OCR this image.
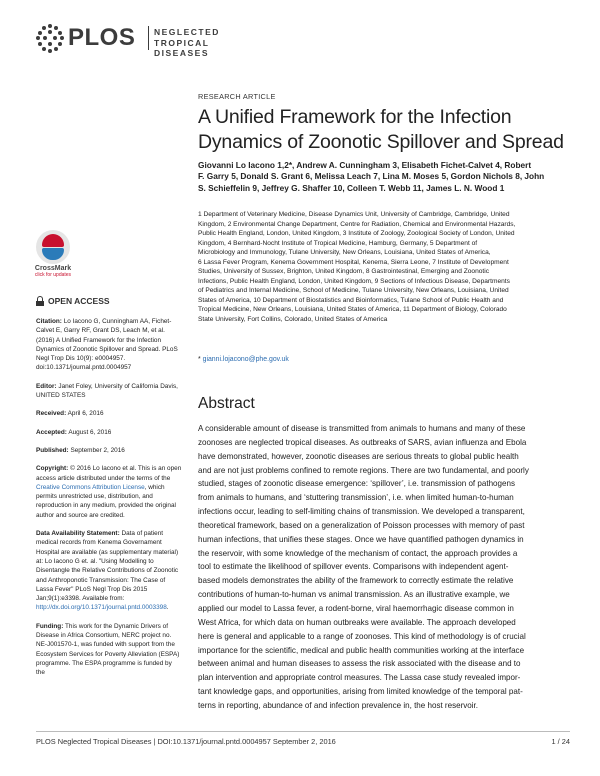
PLOS NEGLECTED
TROPICAL DISEASES
CrossMark
click for updates
OPEN ACCESS

Citation: Lo Iacono G, Cunningham AA, Fichet-Calvet E, Garry RF, Grant DS, Leach M, et al. (2016) A Unified Framework for the Infection Dynamics of Zoonotic Spillover and Spread. PLoS Negl Trop Dis 10(9): e0004957. doi:10.1371/journal.pntd.0004957

Editor: Janet Foley, University of California Davis, UNITED STATES

Received: April 6, 2016

Accepted: August 6, 2016

Published: September 2, 2016

Copyright: © 2016 Lo Iacono et al. This is an open access article distributed under the terms of the Creative Commons Attribution License, which permits unrestricted use, distribution, and reproduction in any medium, provided the original author and source are credited.

Data Availability Statement: Data of patient medical records from Kenema Governament Hospital are available (as supplementary material) at: Lo Iacono G et. al. "Using Modelling to Disentangle the Relative Contributions of Zoonotic and Anthroponotic Transmission: The Case of Lassa Fever" PLoS Negl Trop Dis 2015 Jan;9(1):e3398. Available from: http://dx.doi.org/10.1371/journal.pntd.0003398.

Funding: This work for the Dynamic Drivers of Disease in Africa Consortium, NERC project no. NE-J001570-1, was funded with support from the Ecosystem Services for Poverty Alleviation (ESPA) programme. The ESPA programme is funded by the

RESEARCH ARTICLE
A Unified Framework for the Infection
Dynamics of Zoonotic Spillover and Spread
Giovanni Lo Iacono 1,2*, Andrew A. Cunningham 3, Elisabeth Fichet-Calvet 4, Robert
F. Garry 5, Donald S. Grant 6, Melissa Leach 7, Lina M. Moses 5, Gordon Nichols 8, John
S. Schieffelin 9, Jeffrey G. Shaffer 10, Colleen T. Webb 11, James L. N. Wood 1
1 Department of Veterinary Medicine, Disease Dynamics Unit, University of Cambridge, Cambridge, United
Kingdom, 2 Environmental Change Department, Centre for Radiation, Chemical and Environmental Hazards,
Public Health England, London, United Kingdom, 3 Institute of Zoology, Zoological Society of London, United
Kingdom, 4 Bernhard-Nocht Institute of Tropical Medicine, Hamburg, Germany, 5 Department of
Microbiology and Immunology, Tulane University, New Orleans, Louisiana, United States of America,
6 Lassa Fever Program, Kenema Government Hospital, Kenema, Sierra Leone, 7 Institute of Development
Studies, University of Sussex, Brighton, United Kingdom, 8 Gastrointestinal, Emerging and Zoonotic
Infections, Public Health England, London, United Kingdom, 9 Sections of Infectious Disease, Departments
of Pediatrics and Internal Medicine, School of Medicine, Tulane University, New Orleans, Louisiana, United
States of America, 10 Department of Biostatistics and Bioinformatics, Tulane School of Public Health and
Tropical Medicine, New Orleans, Louisiana, United States of America, 11 Department of Biology, Colorado
State University, Fort Collins, Colorado, United States of America
* gianni.lojacono@phe.gov.uk
Abstract
A considerable amount of disease is transmitted from animals to humans and many of these
zoonoses are neglected tropical diseases. As outbreaks of SARS, avian influenza and Ebola
have demonstrated, however, zoonotic diseases are serious threats to global public health
and are not just problems confined to remote regions. There are two fundamental, and poorly
studied, stages of zoonotic disease emergence: ‘spillover’, i.e. transmission of pathogens
from animals to humans, and ‘stuttering transmission’, i.e. when limited human-to-human
infections occur, leading to self-limiting chains of transmission. We developed a transparent,
theoretical framework, based on a generalization of Poisson processes with memory of past
human infections, that unifies these stages. Once we have quantified pathogen dynamics in
the reservoir, with some knowledge of the mechanism of contact, the approach provides a
tool to estimate the likelihood of spillover events. Comparisons with independent agent-
based models demonstrates the ability of the framework to correctly estimate the relative
contributions of human-to-human vs animal transmission. As an illustrative example, we
applied our model to Lassa fever, a rodent-borne, viral haemorrhagic disease common in
West Africa, for which data on human outbreaks were available. The approach developed
here is general and applicable to a range of zoonoses. This kind of methodology is of crucial
importance for the scientific, medical and public health communities working at the interface
between animal and human diseases to assess the risk associated with the disease and to
plan intervention and appropriate control measures. The Lassa case study revealed impor-
tant knowledge gaps, and opportunities, arising from limited knowledge of the temporal pat-
terns in reporting, abundance of and infection prevalence in, the host reservoir.
PLOS Neglected Tropical Diseases | DOI:10.1371/journal.pntd.0004957 September 2, 2016	1 / 24
